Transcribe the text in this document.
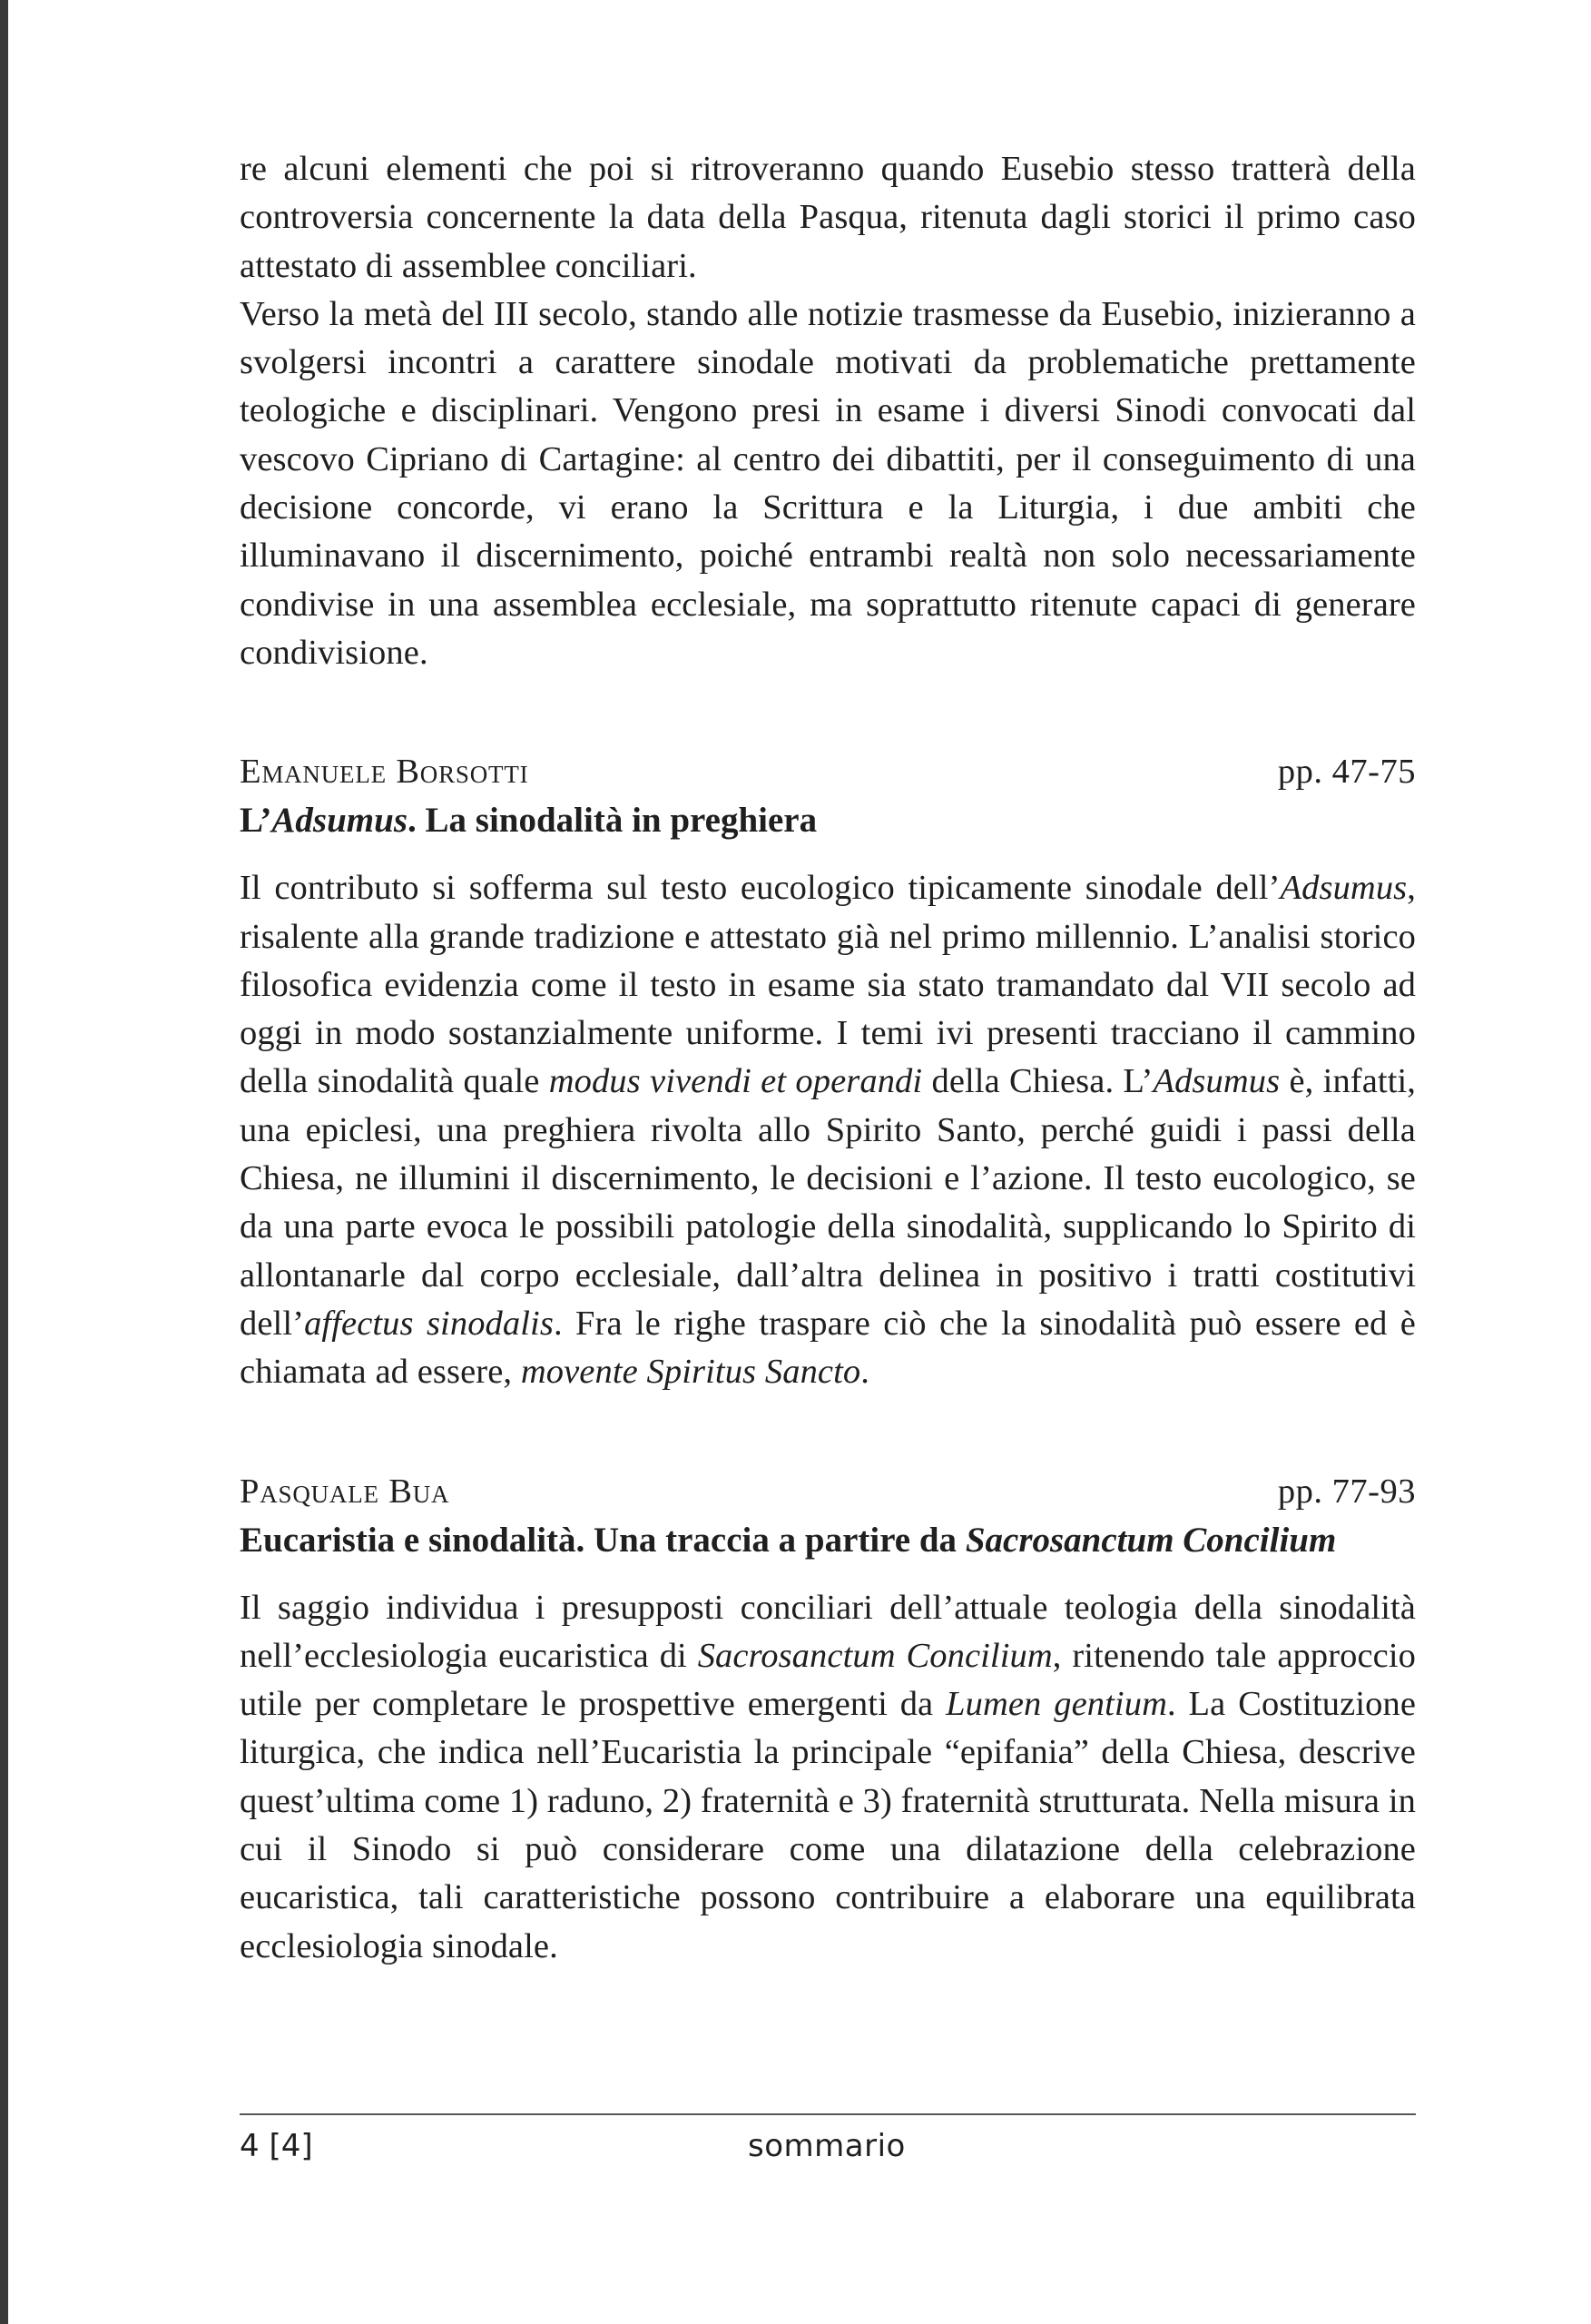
re alcuni elementi che poi si ritroveranno quando Eusebio stesso tratterà della controversia concernente la data della Pasqua, ritenuta dagli storici il primo caso attestato di assemblee conciliari.

Verso la metà del III secolo, stando alle notizie trasmesse da Eusebio, inizieranno a svolgersi incontri a carattere sinodale motivati da problematiche prettamente teologiche e disciplinari. Vengono presi in esame i diversi Sinodi convocati dal vescovo Cipriano di Cartagine: al centro dei dibattiti, per il conseguimento di una decisione concorde, vi erano la Scrittura e la Liturgia, i due ambiti che illuminavano il discernimento, poiché entrambi realtà non solo necessariamente condivise in una assemblea ecclesiale, ma soprattutto ritenute capaci di generare condivisione.

Emanuele Borsotti	pp. 47-75

L’Adsumus. La sinodalità in preghiera

Il contributo si sofferma sul testo eucologico tipicamente sinodale dell’Adsumus, risalente alla grande tradizione e attestato già nel primo millennio. L’analisi storico filosofica evidenzia come il testo in esame sia stato tramandato dal VII secolo ad oggi in modo sostanzialmente uniforme. I temi ivi presenti tracciano il cammino della sinodalità quale modus vivendi et operandi della Chiesa. L’Adsumus è, infatti, una epiclesi, una preghiera rivolta allo Spirito Santo, perché guidi i passi della Chiesa, ne illumini il discernimento, le decisioni e l’azione. Il testo eucologico, se da una parte evoca le possibili patologie della sinodalità, supplicando lo Spirito di allontanarle dal corpo ecclesiale, dall’altra delinea in positivo i tratti costitutivi dell’affectus sinodalis. Fra le righe traspare ciò che la sinodalità può essere ed è chiamata ad essere, movente Spiritus Sancto.

Pasquale Bua	pp. 77-93

Eucaristia e sinodalità. Una traccia a partire da Sacrosanctum Concilium

Il saggio individua i presupposti conciliari dell’attuale teologia della sinodalità nell’ecclesiologia eucaristica di Sacrosanctum Concilium, ritenendo tale approccio utile per completare le prospettive emergenti da Lumen gentium. La Costituzione liturgica, che indica nell’Eucaristia la principale “epifania” della Chiesa, descrive quest’ultima come 1) raduno, 2) fraternità e 3) fraternità strutturata. Nella misura in cui il Sinodo si può considerare come una dilatazione della celebrazione eucaristica, tali caratteristiche possono contribuire a elaborare una equilibrata ecclesiologia sinodale.

4 [4]	sommario
